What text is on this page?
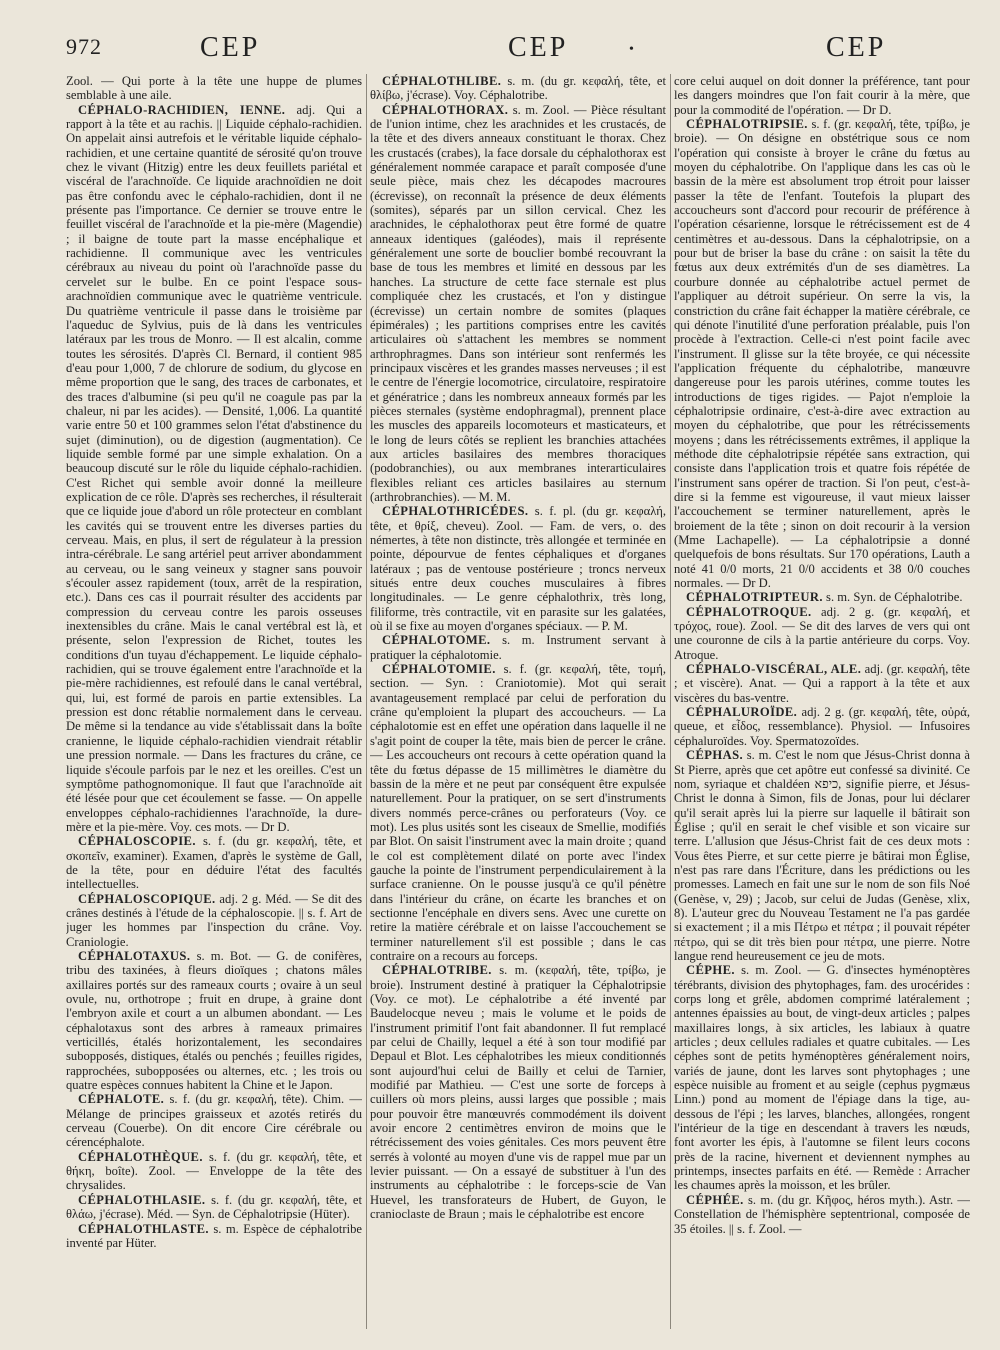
972	CEP	CEP	•	CEP

Zool. — Qui porte à la tête une huppe de plumes semblable à une aile.

CÉPHALO-RACHIDIEN, IENNE. adj. Qui a rapport à la tête et au rachis. || Liquide céphalo-rachidien. On appelait ainsi autrefois et le véritable liquide céphalo-rachidien, et une certaine quantité de sérosité qu'on trouve chez le vivant (Hitzig) entre les deux feuillets pariétal et viscéral de l'arachnoïde. Ce liquide arachnoïdien ne doit pas être confondu avec le céphalo-rachidien, dont il ne présente pas l'importance. Ce dernier se trouve entre le feuillet viscéral de l'arachnoïde et la pie-mère (Magendie) ; il baigne de toute part la masse encéphalique et rachidienne. Il communique avec les ventricules cérébraux au niveau du point où l'arachnoïde passe du cervelet sur le bulbe. En ce point l'espace sous-arachnoïdien communique avec le quatrième ventricule. Du quatrième ventricule il passe dans le troisième par l'aqueduc de Sylvius, puis de là dans les ventricules latéraux par les trous de Monro. — Il est alcalin, comme toutes les sérosités. D'après Cl. Bernard, il contient 985 d'eau pour 1,000, 7 de chlorure de sodium, du glycose en même proportion que le sang, des traces de carbonates, et des traces d'albumine (si peu qu'il ne coagule pas par la chaleur, ni par les acides). — Densité, 1,006. La quantité varie entre 50 et 100 grammes selon l'état d'abstinence du sujet (diminution), ou de digestion (augmentation). Ce liquide semble formé par une simple exhalation. On a beaucoup discuté sur le rôle du liquide céphalo-rachidien. C'est Richet qui semble avoir donné la meilleure explication de ce rôle. D'après ses recherches, il résulterait que ce liquide joue d'abord un rôle protecteur en comblant les cavités qui se trouvent entre les diverses parties du cerveau. Mais, en plus, il sert de régulateur à la pression intra-cérébrale. Le sang artériel peut arriver abondamment au cerveau, ou le sang veineux y stagner sans pouvoir s'écouler assez rapidement (toux, arrêt de la respiration, etc.). Dans ces cas il pourrait résulter des accidents par compression du cerveau contre les parois osseuses inextensibles du crâne. Mais le canal vertébral est là, et présente, selon l'expression de Richet, toutes les conditions d'un tuyau d'échappement. Le liquide céphalo-rachidien, qui se trouve également entre l'arachnoïde et la pie-mère rachidiennes, est refoulé dans le canal vertébral, qui, lui, est formé de parois en partie extensibles. La pression est donc rétablie normalement dans le cerveau. De même si la tendance au vide s'établissait dans la boîte cranienne, le liquide céphalo-rachidien viendrait rétablir une pression normale. — Dans les fractures du crâne, ce liquide s'écoule parfois par le nez et les oreilles. C'est un symptôme pathognomonique. Il faut que l'arachnoïde ait été lésée pour que cet écoulement se fasse. — On appelle enveloppes céphalo-rachidiennes l'arachnoïde, la dure-mère et la pie-mère. Voy. ces mots. — Dr D.

CÉPHALOSCOPIE. s. f. (du gr. κεφαλή, tête, et σκοπεῖν, examiner). Examen, d'après le système de Gall, de la tête, pour en déduire l'état des facultés intellectuelles.

CÉPHALOSCOPIQUE. adj. 2 g. Méd. — Se dit des crânes destinés à l'étude de la céphaloscopie. || s. f. Art de juger les hommes par l'inspection du crâne. Voy. Craniologie.

CÉPHALOTAXUS. s. m. Bot. — G. de conifères, tribu des taxinées, à fleurs dioïques ; chatons mâles axillaires portés sur des rameaux courts ; ovaire à un seul ovule, nu, orthotrope ; fruit en drupe, à graine dont l'embryon axile et court a un albumen abondant. — Les céphalotaxus sont des arbres à rameaux primaires verticillés, étalés horizontalement, les secondaires subopposés, distiques, étalés ou penchés ; feuilles rigides, rapprochées, subopposées ou alternes, etc. ; les trois ou quatre espèces connues habitent la Chine et le Japon.

CÉPHALOTE. s. f. (du gr. κεφαλή, tête). Chim. — Mélange de principes graisseux et azotés retirés du cerveau (Couerbe). On dit encore Cire cérébrale ou cérencéphalote.

CÉPHALOTHÈQUE. s. f. (du gr. κεφαλή, tête, et θήκη, boîte). Zool. — Enveloppe de la tête des chrysalides.

CÉPHALOTHLASIE. s. f. (du gr. κεφαλή, tête, et θλάω, j'écrase). Méd. — Syn. de Céphalotripsie (Hüter).

CÉPHALOTHLASTE. s. m. Espèce de céphalotribe inventé par Hüter.

CÉPHALOTHLIBE. s. m. (du gr. κεφαλή, tête, et θλίβω, j'écrase). Voy. Céphalotribe.

CÉPHALOTHORAX. s. m. Zool. — Pièce résultant de l'union intime, chez les arachnides et les crustacés, de la tête et des divers anneaux constituant le thorax. Chez les crustacés (crabes), la face dorsale du céphalothorax est généralement nommée carapace et paraît composée d'une seule pièce, mais chez les décapodes macroures (écrevisse), on reconnaît la présence de deux éléments (somites), séparés par un sillon cervical. Chez les arachnides, le céphalothorax peut être formé de quatre anneaux identiques (galéodes), mais il représente généralement une sorte de bouclier bombé recouvrant la base de tous les membres et limité en dessous par les hanches. La structure de cette face sternale est plus compliquée chez les crustacés, et l'on y distingue (écrevisse) un certain nombre de somites (plaques épimérales) ; les partitions comprises entre les cavités articulaires où s'attachent les membres se nomment arthrophragmes. Dans son intérieur sont renfermés les principaux viscères et les grandes masses nerveuses ; il est le centre de l'énergie locomotrice, circulatoire, respiratoire et génératrice ; dans les nombreux anneaux formés par les pièces sternales (système endophragmal), prennent place les muscles des appareils locomoteurs et masticateurs, et le long de leurs côtés se replient les branchies attachées aux articles basilaires des membres thoraciques (podobranchies), ou aux membranes interarticulaires flexibles reliant ces articles basilaires au sternum (arthrobranchies). — M. M.

CÉPHALOTHRICÉDES. s. f. pl. (du gr. κεφαλή, tête, et θρίξ, cheveu). Zool. — Fam. de vers, o. des némertes, à tête non distincte, très allongée et terminée en pointe, dépourvue de fentes céphaliques et d'organes latéraux ; pas de ventouse postérieure ; troncs nerveux situés entre deux couches musculaires à fibres longitudinales. — Le genre céphalothrix, très long, filiforme, très contractile, vit en parasite sur les galatées, où il se fixe au moyen d'organes spéciaux. — P. M.

CÉPHALOTOME. s. m. Instrument servant à pratiquer la céphalotomie.

CÉPHALOTOMIE. s. f. (gr. κεφαλή, tête, τομή, section. — Syn. : Craniotomie). Mot qui serait avantageusement remplacé par celui de perforation du crâne qu'emploient la plupart des accoucheurs. — La céphalotomie est en effet une opération dans laquelle il ne s'agit point de couper la tête, mais bien de percer le crâne. — Les accoucheurs ont recours à cette opération quand la tête du fœtus dépasse de 15 millimètres le diamètre du bassin de la mère et ne peut par conséquent être expulsée naturellement. Pour la pratiquer, on se sert d'instruments divers nommés perce-crânes ou perforateurs (Voy. ce mot). Les plus usités sont les ciseaux de Smellie, modifiés par Blot. On saisit l'instrument avec la main droite ; quand le col est complètement dilaté on porte avec l'index gauche la pointe de l'instrument perpendiculairement à la surface cranienne. On le pousse jusqu'à ce qu'il pénètre dans l'intérieur du crâne, on écarte les branches et on sectionne l'encéphale en divers sens. Avec une curette on retire la matière cérébrale et on laisse l'accouchement se terminer naturellement s'il est possible ; dans le cas contraire on a recours au forceps.

CÉPHALOTRIBE. s. m. (κεφαλή, tête, τρίβω, je broie). Instrument destiné à pratiquer la Céphalotripsie (Voy. ce mot). Le céphalotribe a été inventé par Baudelocque neveu ; mais le volume et le poids de l'instrument primitif l'ont fait abandonner. Il fut remplacé par celui de Chailly, lequel a été à son tour modifié par Depaul et Blot. Les céphalotribes les mieux conditionnés sont aujourd'hui celui de Bailly et celui de Tarnier, modifié par Mathieu. — C'est une sorte de forceps à cuillers où mors pleins, aussi larges que possible ; mais pour pouvoir être manœuvrés commodément ils doivent avoir encore 2 centimètres environ de moins que le rétrécissement des voies génitales. Ces mors peuvent être serrés à volonté au moyen d'une vis de rappel mue par un levier puissant. — On a essayé de substituer à l'un des instruments au céphalotribe : le forceps-scie de Van Huevel, les transforateurs de Hubert, de Guyon, le cranioclaste de Braun ; mais le céphalotribe est encore

core celui auquel on doit donner la préférence, tant pour les dangers moindres que l'on fait courir à la mère, que pour la commodité de l'opération. — Dr D.

CÉPHALOTRIPSIE. s. f. (gr. κεφαλή, tête, τρίβω, je broie). — On désigne en obstétrique sous ce nom l'opération qui consiste à broyer le crâne du fœtus au moyen du céphalotribe. On l'applique dans les cas où le bassin de la mère est absolument trop étroit pour laisser passer la tête de l'enfant. Toutefois la plupart des accoucheurs sont d'accord pour recourir de préférence à l'opération césarienne, lorsque le rétrécissement est de 4 centimètres et au-dessous. Dans la céphalotripsie, on a pour but de briser la base du crâne : on saisit la tête du fœtus aux deux extrémités d'un de ses diamètres. La courbure donnée au céphalotribe actuel permet de l'appliquer au détroit supérieur. On serre la vis, la constriction du crâne fait échapper la matière cérébrale, ce qui dénote l'inutilité d'une perforation préalable, puis l'on procède à l'extraction. Celle-ci n'est point facile avec l'instrument. Il glisse sur la tête broyée, ce qui nécessite l'application fréquente du céphalotribe, manœuvre dangereuse pour les parois utérines, comme toutes les introductions de tiges rigides. — Pajot n'emploie la céphalotripsie ordinaire, c'est-à-dire avec extraction au moyen du céphalotribe, que pour les rétrécissements moyens ; dans les rétrécissements extrêmes, il applique la méthode dite céphalotripsie répétée sans extraction, qui consiste dans l'application trois et quatre fois répétée de l'instrument sans opérer de traction. Si l'on peut, c'est-à-dire si la femme est vigoureuse, il vaut mieux laisser l'accouchement se terminer naturellement, après le broiement de la tête ; sinon on doit recourir à la version (Mme Lachapelle). — La céphalotripsie a donné quelquefois de bons résultats. Sur 170 opérations, Lauth a noté 41 0/0 morts, 21 0/0 accidents et 38 0/0 couches normales. — Dr D.

CÉPHALOTRIPTEUR. s. m. Syn. de Céphalotribe.

CÉPHALOTROQUE. adj. 2 g. (gr. κεφαλή, et τρόχος, roue). Zool. — Se dit des larves de vers qui ont une couronne de cils à la partie antérieure du corps. Voy. Atroque.

CÉPHALO-VISCÉRAL, ALE. adj. (gr. κεφαλή, tête ; et viscère). Anat. — Qui a rapport à la tête et aux viscères du bas-ventre.

CÉPHALUROÏDE. adj. 2 g. (gr. κεφαλή, tête, οὐρά, queue, et εἶδος, ressemblance). Physiol. — Infusoires céphaluroïdes. Voy. Spermatozoïdes.

CÉPHAS. s. m. C'est le nom que Jésus-Christ donna à St Pierre, après que cet apôtre eut confessé sa divinité. Ce nom, syriaque et chaldéen כיפא, signifie pierre, et Jésus-Christ le donna à Simon, fils de Jonas, pour lui déclarer qu'il serait après lui la pierre sur laquelle il bâtirait son Église ; qu'il en serait le chef visible et son vicaire sur terre. L'allusion que Jésus-Christ fait de ces deux mots : Vous êtes Pierre, et sur cette pierre je bâtirai mon Église, n'est pas rare dans l'Écriture, dans les prédictions ou les promesses. Lamech en fait une sur le nom de son fils Noé (Genèse, v, 29) ; Jacob, sur celui de Judas (Genèse, xlix, 8). L'auteur grec du Nouveau Testament ne l'a pas gardée si exactement ; il a mis Πέτρω et πέτρα ; il pouvait répéter πέτρω, qui se dit très bien pour πέτρα, une pierre. Notre langue rend heureusement ce jeu de mots.

CÉPHE. s. m. Zool. — G. d'insectes hyménoptères térébrants, division des phytophages, fam. des urocérides : corps long et grêle, abdomen comprimé latéralement ; antennes épaissies au bout, de vingt-deux articles ; palpes maxillaires longs, à six articles, les labiaux à quatre articles ; deux cellules radiales et quatre cubitales. — Les céphes sont de petits hyménoptères généralement noirs, variés de jaune, dont les larves sont phytophages ; une espèce nuisible au froment et au seigle (cephus pygmæus Linn.) pond au moment de l'épiage dans la tige, au-dessous de l'épi ; les larves, blanches, allongées, rongent l'intérieur de la tige en descendant à travers les nœuds, font avorter les épis, à l'automne se filent leurs cocons près de la racine, hivernent et deviennent nymphes au printemps, insectes parfaits en été. — Remède : Arracher les chaumes après la moisson, et les brûler.

CÉPHÉE. s. m. (du gr. Κῆφος, héros myth.). Astr. — Constellation de l'hémisphère septentrional, composée de 35 étoiles. || s. f. Zool. —
